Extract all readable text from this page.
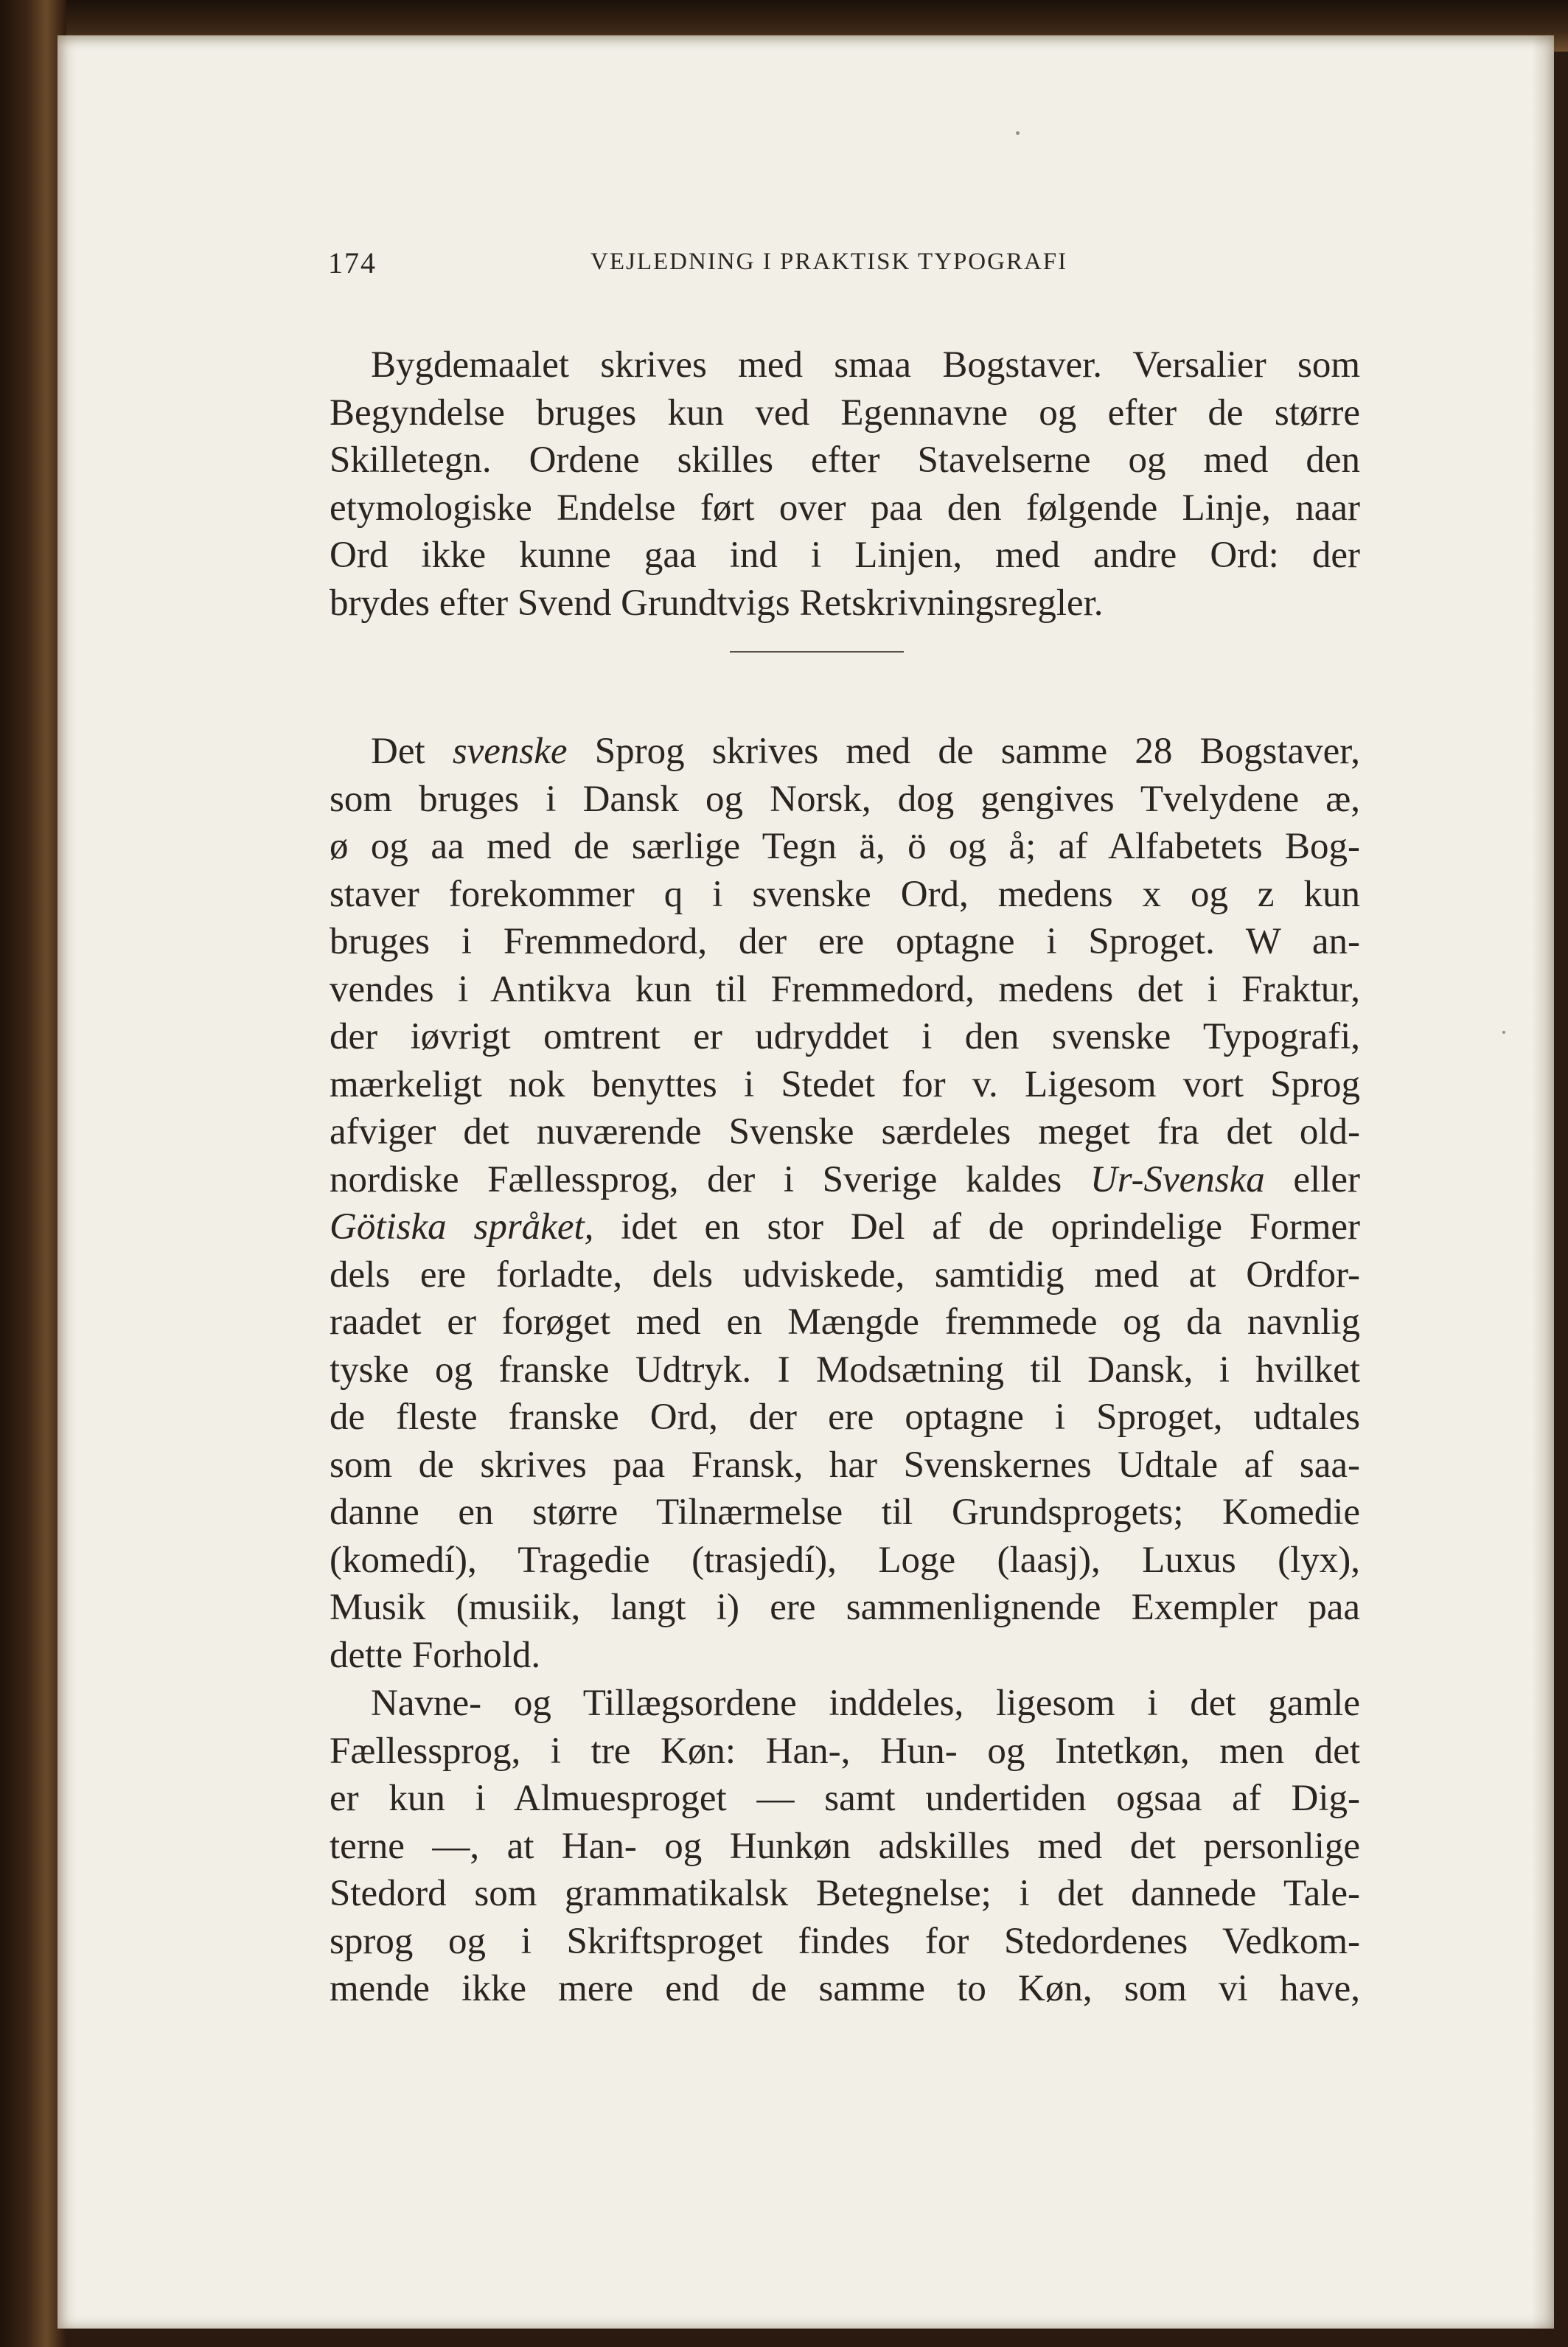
174	VEJLEDNING I PRAKTISK TYPOGRAFI
Bygdemaalet skrives med smaa Bogstaver. Versalier som
Begyndelse bruges kun ved Egennavne og efter de større
Skilletegn. Ordene skilles efter Stavelserne og med den
etymologiske Endelse ført over paa den følgende Linje, naar
Ord ikke kunne gaa ind i Linjen, med andre Ord: der
brydes efter Svend Grundtvigs Retskrivningsregler.
Det svenske Sprog skrives med de samme 28 Bogstaver,
som bruges i Dansk og Norsk, dog gengives Tvelydene æ,
ø og aa med de særlige Tegn ä, ö og å; af Alfabetets Bog-
staver forekommer q i svenske Ord, medens x og z kun
bruges i Fremmedord, der ere optagne i Sproget. W an-
vendes i Antikva kun til Fremmedord, medens det i Fraktur,
der iøvrigt omtrent er udryddet i den svenske Typografi,
mærkeligt nok benyttes i Stedet for v. Ligesom vort Sprog
afviger det nuværende Svenske særdeles meget fra det old-
nordiske Fællessprog, der i Sverige kaldes Ur-Svenska eller
Götiska språket, idet en stor Del af de oprindelige Former
dels ere forladte, dels udviskede, samtidig med at Ordfor-
raadet er forøget med en Mængde fremmede og da navnlig
tyske og franske Udtryk. I Modsætning til Dansk, i hvilket
de fleste franske Ord, der ere optagne i Sproget, udtales
som de skrives paa Fransk, har Svenskernes Udtale af saa-
danne en større Tilnærmelse til Grundsprogets; Komedie
(komedí), Tragedie (trasjedí), Loge (laasj), Luxus (lyx),
Musik (musiik, langt i) ere sammenlignende Exempler paa
dette Forhold.
Navne- og Tillægsordene inddeles, ligesom i det gamle
Fællessprog, i tre Køn: Han-, Hun- og Intetkøn, men det
er kun i Almuesproget — samt undertiden ogsaa af Dig-
terne —, at Han- og Hunkøn adskilles med det personlige
Stedord som grammatikalsk Betegnelse; i det dannede Tale-
sprog og i Skriftsproget findes for Stedordenes Vedkom-
mende ikke mere end de samme to Køn, som vi have,
